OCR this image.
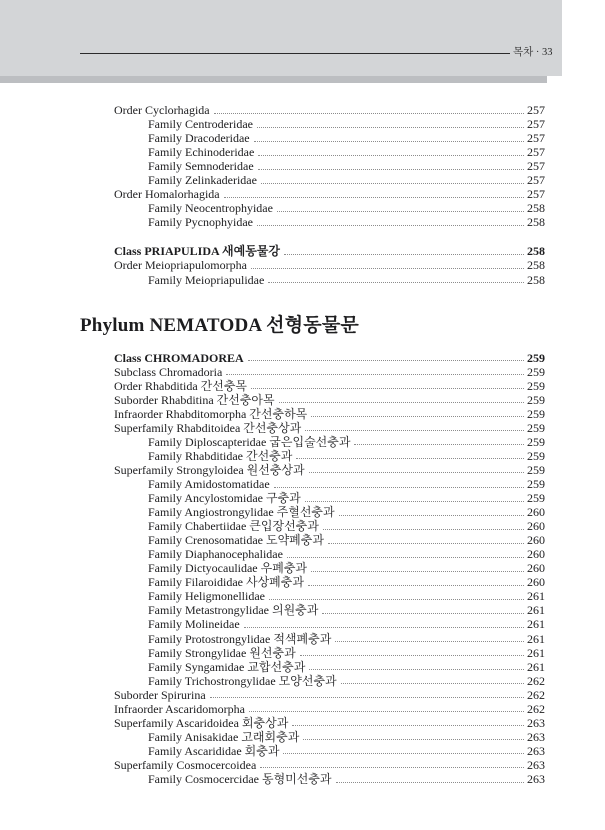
목차 · 33
Order Cyclorhagida	257
Family Centroderidae	257
Family Dracoderidae	257
Family Echinoderidae	257
Family Semnoderidae	257
Family Zelinkaderidae	257
Order Homalorhagida	257
Family Neocentrophyidae	258
Family Pycnophyidae	258
Class PRIAPULIDA 새예동물강	258
Order Meiopriapulomorpha	258
Family Meiopriapulidae	258
Phylum NEMATODA 선형동물문
Class CHROMADOREA	259
Subclass Chromadoria	259
Order Rhabditida 간선충목	259
Suborder Rhabditina 간선충아목	259
Infraorder Rhabditomorpha 간선충하목	259
Superfamily Rhabditoidea 간선충상과	259
Family Diploscapteridae 굽은입술선충과	259
Family Rhabditidae 간선충과	259
Superfamily Strongyloidea 원선충상과	259
Family Amidostomatidae	259
Family Ancylostomidae 구충과	259
Family Angiostrongylidae 주혈선충과	260
Family Chabertiidae 큰입장선충과	260
Family Crenosomatidae 도약폐충과	260
Family Diaphanocephalidae	260
Family Dictyocaulidae 우폐충과	260
Family Filaroididae 사상폐충과	260
Family Heligmonellidae	261
Family Metastrongylidae 의원충과	261
Family Molineidae	261
Family Protostrongylidae 적색폐충과	261
Family Strongylidae 원선충과	261
Family Syngamidae 교합선충과	261
Family Trichostrongylidae 모양선충과	262
Suborder Spirurina	262
Infraorder Ascaridomorpha	262
Superfamily Ascaridoidea 회충상과	263
Family Anisakidae 고래회충과	263
Family Ascarididae 회충과	263
Superfamily Cosmocercoidea	263
Family Cosmocercidae 동형미선충과	263
